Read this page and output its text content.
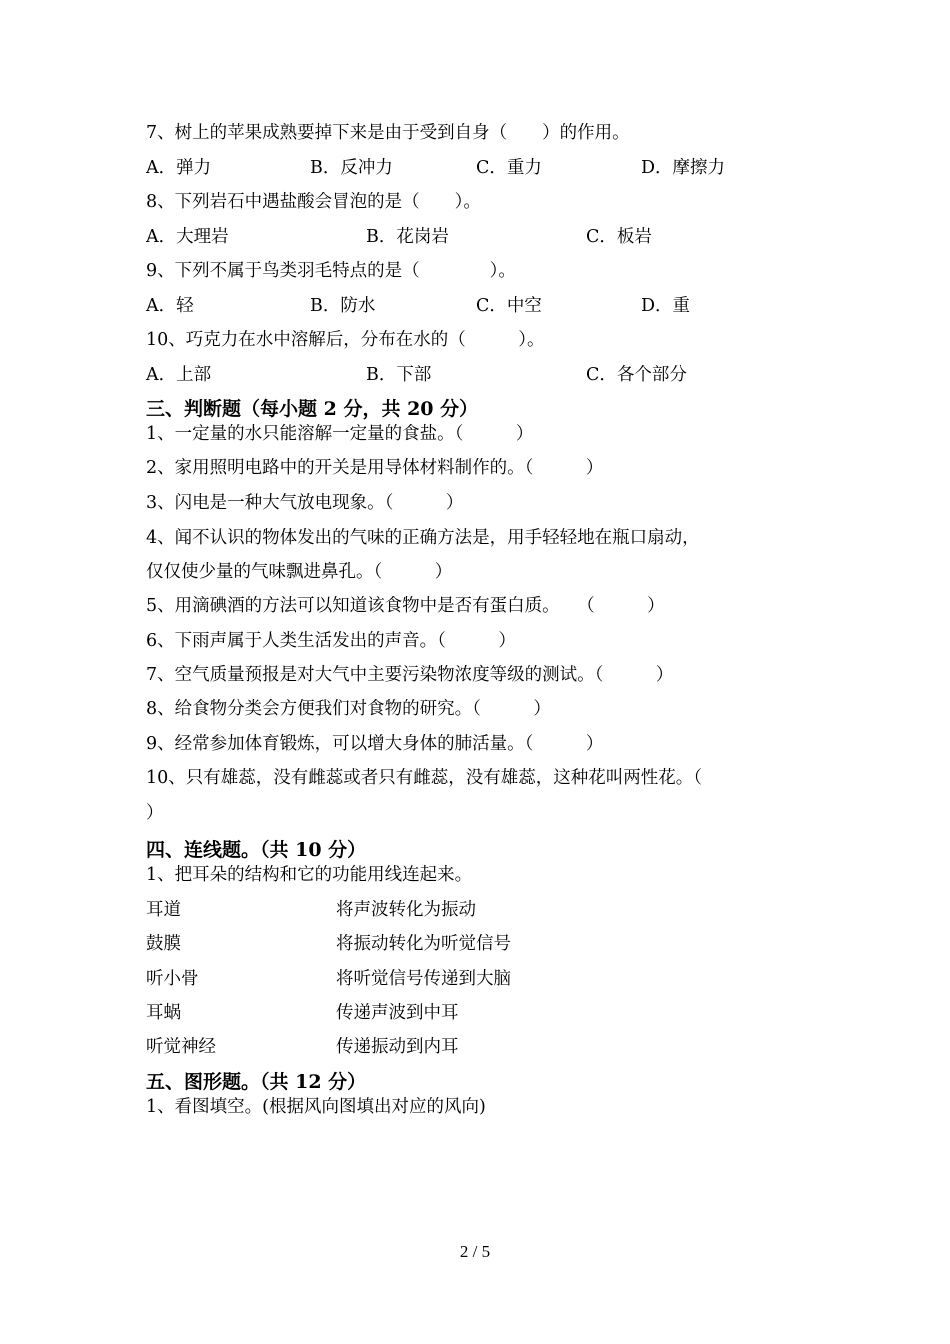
7、树上的苹果成熟要掉下来是由于受到自身（　　）的作用。
A．弹力	B．反冲力	C．重力	D．摩擦力
8、下列岩石中遇盐酸会冒泡的是（　　）。
A．大理岩	B．花岗岩	C．板岩
9、下列不属于鸟类羽毛特点的是（　　　　）。
A．轻	B．防水	C．中空	D．重
10、巧克力在水中溶解后，分布在水的（　　　）。
A．上部	B．下部	C．各个部分
三、判断题（每小题 2 分，共 20 分）
1、一定量的水只能溶解一定量的食盐。（　　　）
2、家用照明电路中的开关是用导体材料制作的。（　　　）
3、闪电是一种大气放电现象。（　　　）
4、闻不认识的物体发出的气味的正确方法是，用手轻轻地在瓶口扇动，
仅仅使少量的气味飘进鼻孔。（　　　）
5、用滴碘酒的方法可以知道该食物中是否有蛋白质。　　（　　　）
6、下雨声属于人类生活发出的声音。（　　　）
7、空气质量预报是对大气中主要污染物浓度等级的测试。（　　　）
8、给食物分类会方便我们对食物的研究。（　　　）
9、经常参加体育锻炼，可以增大身体的肺活量。（　　　）
10、只有雄蕊，没有雌蕊或者只有雌蕊，没有雄蕊，这种花叫两性花。（
）
四、连线题。（共 10 分）
1、把耳朵的结构和它的功能用线连起来。
耳道	将声波转化为振动
鼓膜	将振动转化为听觉信号
听小骨	将听觉信号传递到大脑
耳蜗	传递声波到中耳
听觉神经	传递振动到内耳
五、图形题。（共 12 分）
1、看图填空。(根据风向图填出对应的风向)
2 / 5
